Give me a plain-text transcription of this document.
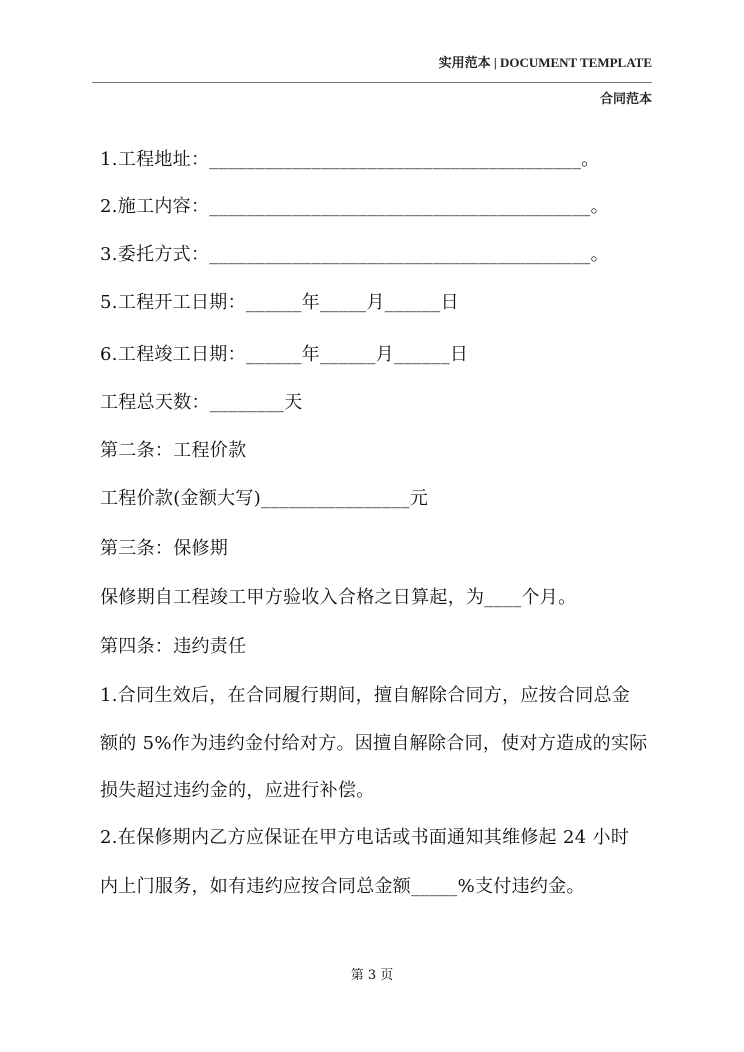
实用范本 | DOCUMENT TEMPLATE
合同范本
1.工程地址：________________________________________。
2.施工内容：_________________________________________。
3.委托方式：_________________________________________。
5.工程开工日期：______年_____月______日
6.工程竣工日期：______年______月______日
工程总天数：________天
第二条：工程价款
工程价款(金额大写)________________元
第三条：保修期
保修期自工程竣工甲方验收入合格之日算起，为____个月。
第四条：违约责任
1.合同生效后，在合同履行期间，擅自解除合同方，应按合同总金
额的 5%作为违约金付给对方。因擅自解除合同，使对方造成的实际
损失超过违约金的，应进行补偿。
2.在保修期内乙方应保证在甲方电话或书面通知其维修起 24 小时
内上门服务，如有违约应按合同总金额_____%支付违约金。
第 3 页
